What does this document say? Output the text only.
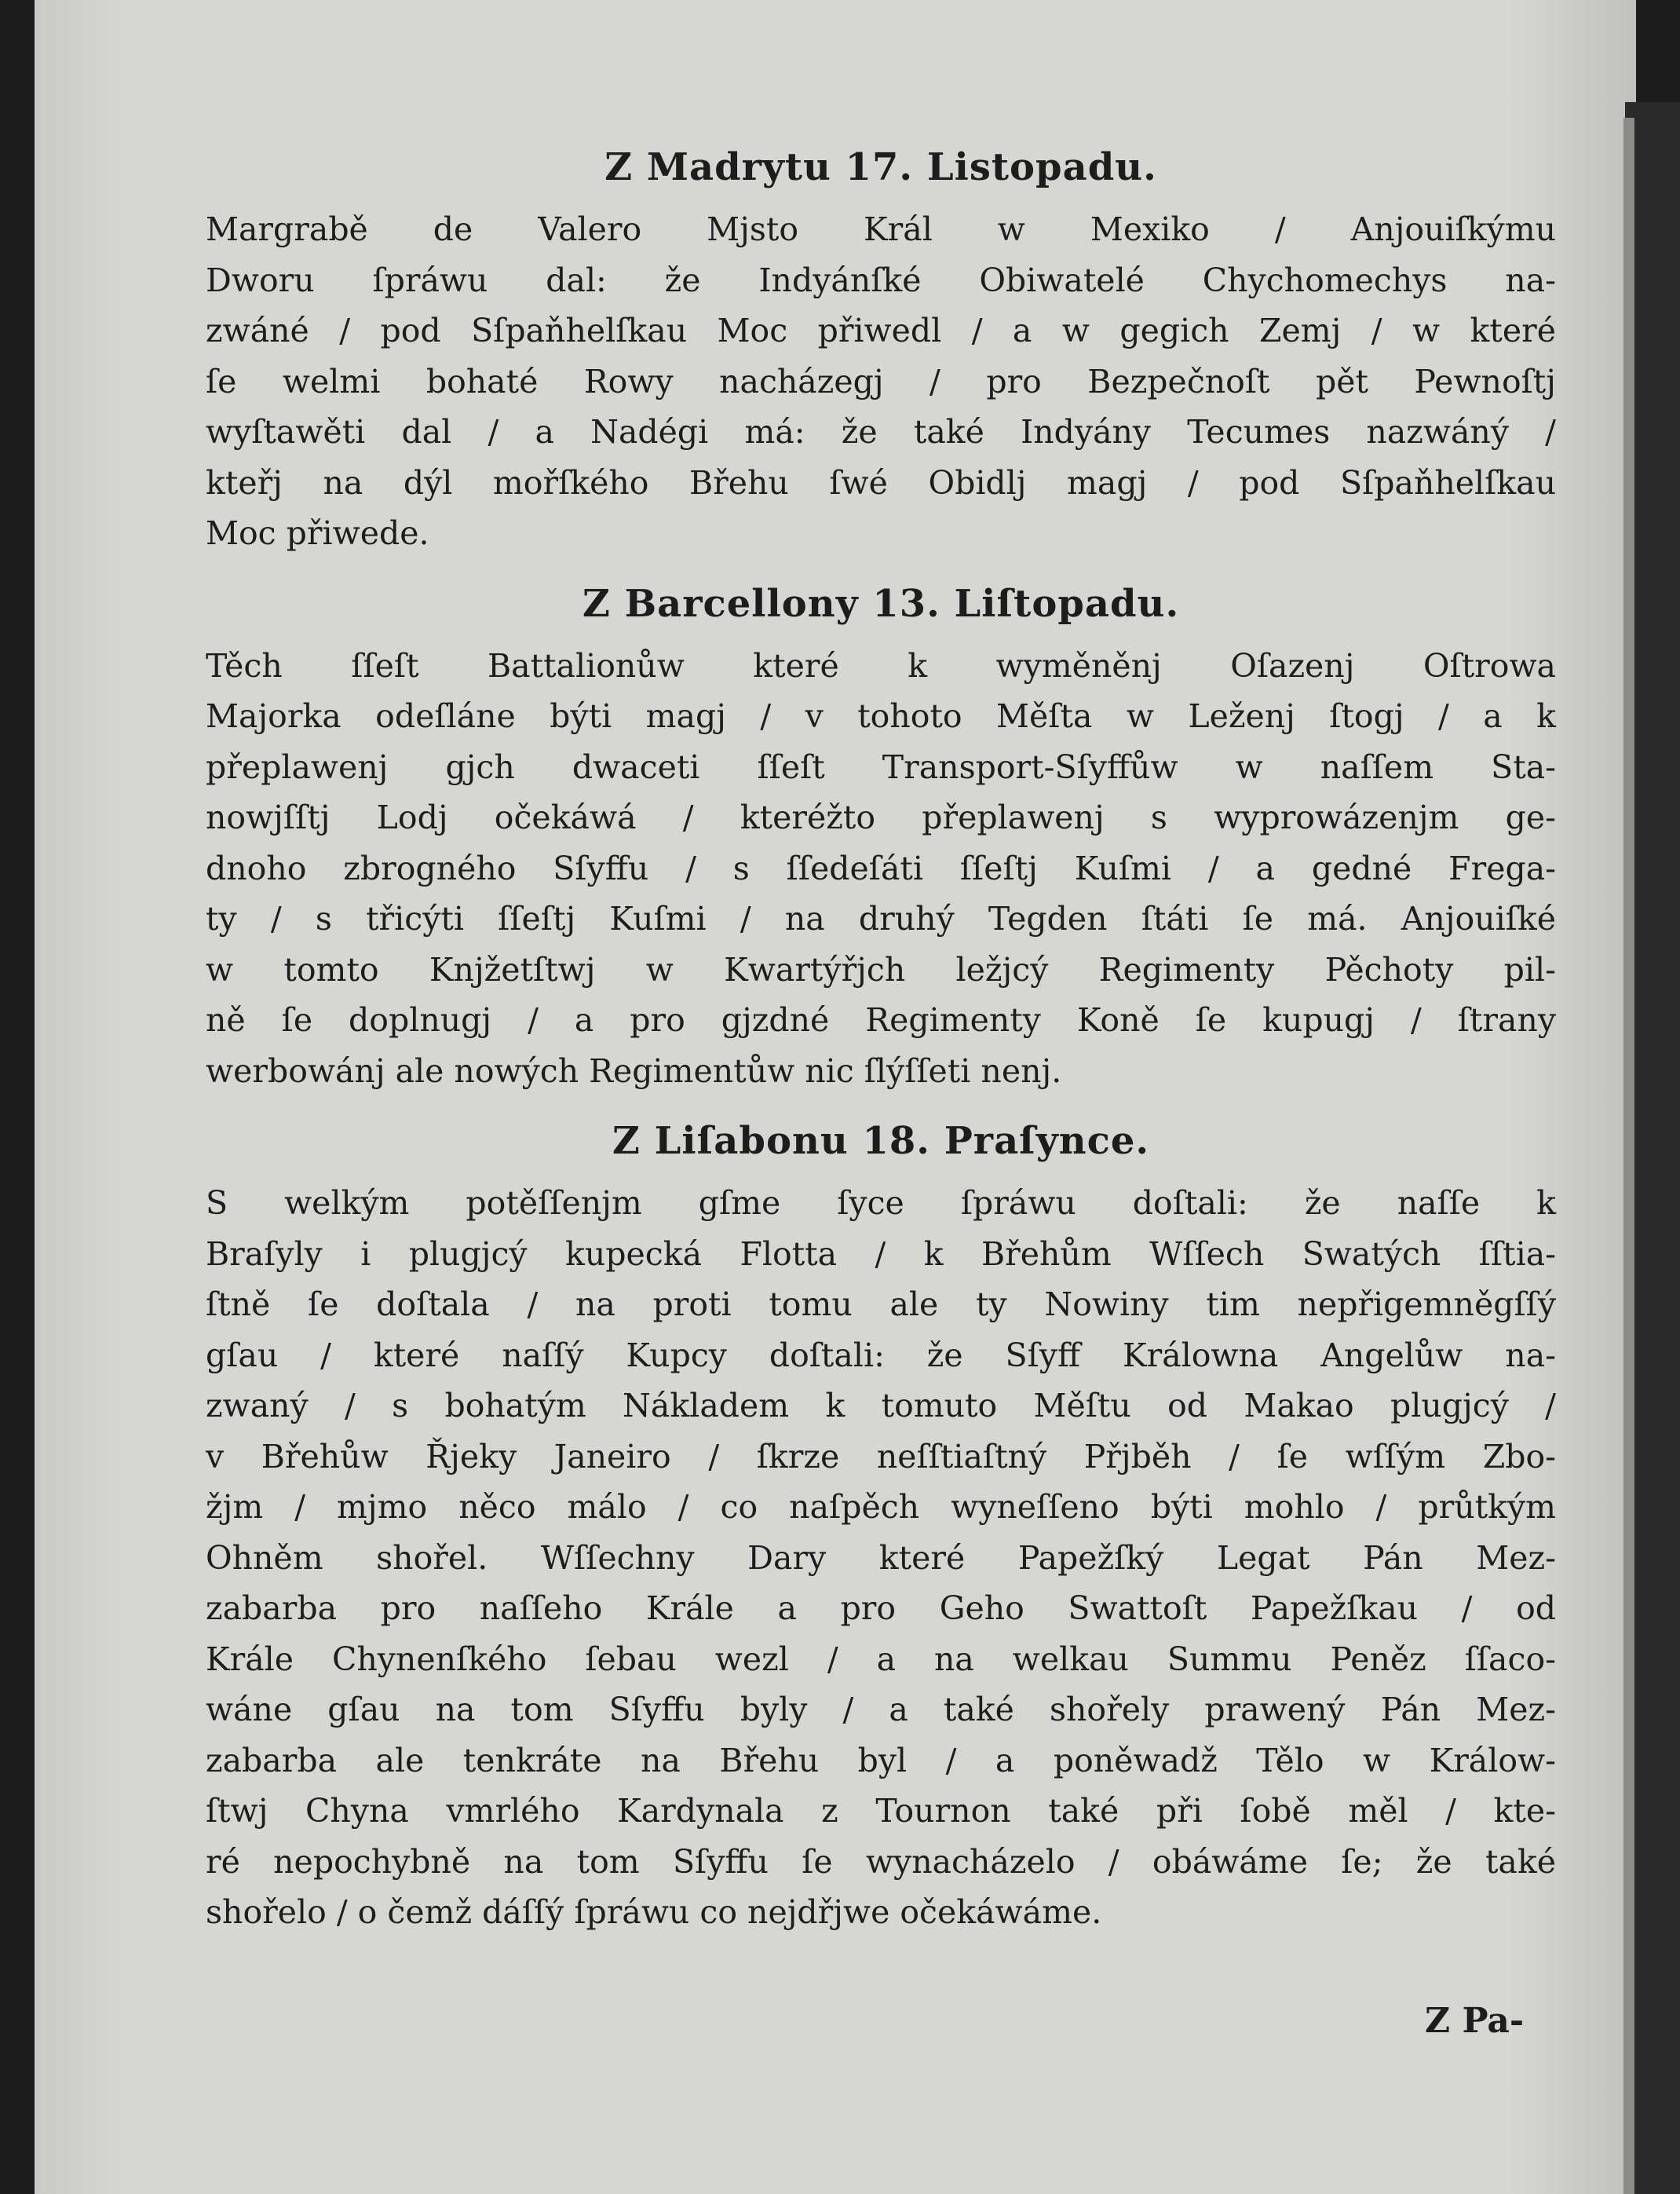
Z Madrytu 17. Listopadu.

Margrabě de Valero Mjsto Král w Mexiko / Anjouiſkýmu
Dworu ſpráwu dal: že Indyánſké Obiwatelé Chychomechys na-
zwáné / pod Sſpaňhelſkau Moc přiwedl / a w gegich Zemj / w které
ſe welmi bohaté Rowy nacházegj / pro Bezpečnoſt pět Pewnoſtj
wyſtawěti dal / a Nadégi má: že také Indyány Tecumes nazwáný /
kteřj na dýl mořſkého Břehu ſwé Obidlj magj / pod Sſpaňhelſkau
Moc přiwede.

Z Barcellony 13. Liſtopadu.

Těch ſſeſt Battalionůw které k wyměněnj Oſazenj Oſtrowa
Majorka odeſláne býti magj / v tohoto Měſta w Leženj ſtogj / a k
přeplawenj gjch dwaceti ſſeſt Transport-Sſyffůw w naſſem Sta-
nowjſſtj Lodj očekáwá / kteréžto přeplawenj s wyprowázenjm ge-
dnoho zbrogného Sſyffu / s ſſedeſáti ſſeſtj Kuſmi / a gedné Frega-
ty / s třicýti ſſeſtj Kuſmi / na druhý Tegden ſtáti ſe má. Anjouiſké
w tomto Knjžetſtwj w Kwartýřjch ležjcý Regimenty Pěchoty pil-
ně ſe doplnugj / a pro gjzdné Regimenty Koně ſe kupugj / ſtrany
werbowánj ale nowých Regimentůw nic ſlýſſeti nenj.

Z Liſabonu 18. Praſynce.

S welkým potěſſenjm gſme ſyce ſpráwu doſtali: že naſſe k
Braſyly i plugjcý kupecká Flotta / k Břehům Wſſech Swatých ſſtia-
ſtně ſe doſtala / na proti tomu ale ty Nowiny tim nepřigemněgſſý
gſau / které naſſý Kupcy doſtali: že Sſyff Králowna Angelůw na-
zwaný / s bohatým Nákladem k tomuto Měſtu od Makao plugjcý /
v Břehůw Řjeky Janeiro / ſkrze neſſtiaſtný Přjběh / ſe wſſým Zbo-
žjm / mjmo něco málo / co naſpěch wyneſſeno býti mohlo / průtkým
Ohněm shořel. Wſſechny Dary které Papežſký Legat Pán Mez-
zabarba pro naſſeho Krále a pro Geho Swattoſt Papežſkau / od
Krále Chynenſkého ſebau wezl / a na welkau Summu Peněz ſſaco-
wáne gſau na tom Sſyffu byly / a také shořely prawený Pán Mez-
zabarba ale tenkráte na Břehu byl / a poněwadž Tělo w Králow-
ſtwj Chyna vmrlého Kardynala z Tournon také při ſobě měl / kte-
ré nepochybně na tom Sſyffu ſe wynacházelo / obáwáme ſe; že také
shořelo / o čemž dáſſý ſpráwu co nejdřjwe očekáwáme.

Z Pa-
